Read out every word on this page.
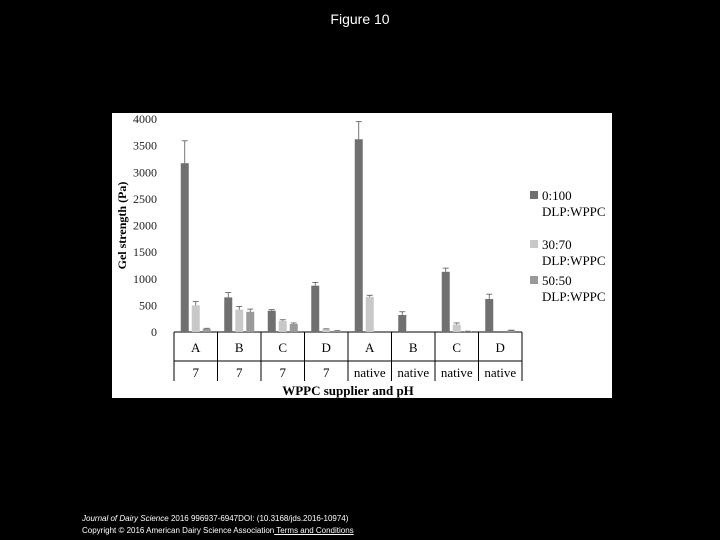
Figure 10
0
500
1000
1500
2000
2500
3000
3500
4000
Gel strength (Pa)
A
7
B
7
C
7
D
7
A
native
B
native
C
native
D
native
WPPC supplier and pH
0:100 DLP:WPPC
30:70 DLP:WPPC
50:50 DLP:WPPC
Journal of Dairy Science 2016 996937-6947DOI: (10.3168/jds.2016-10974)
Copyright © 2016 American Dairy Science Association Terms and Conditions
